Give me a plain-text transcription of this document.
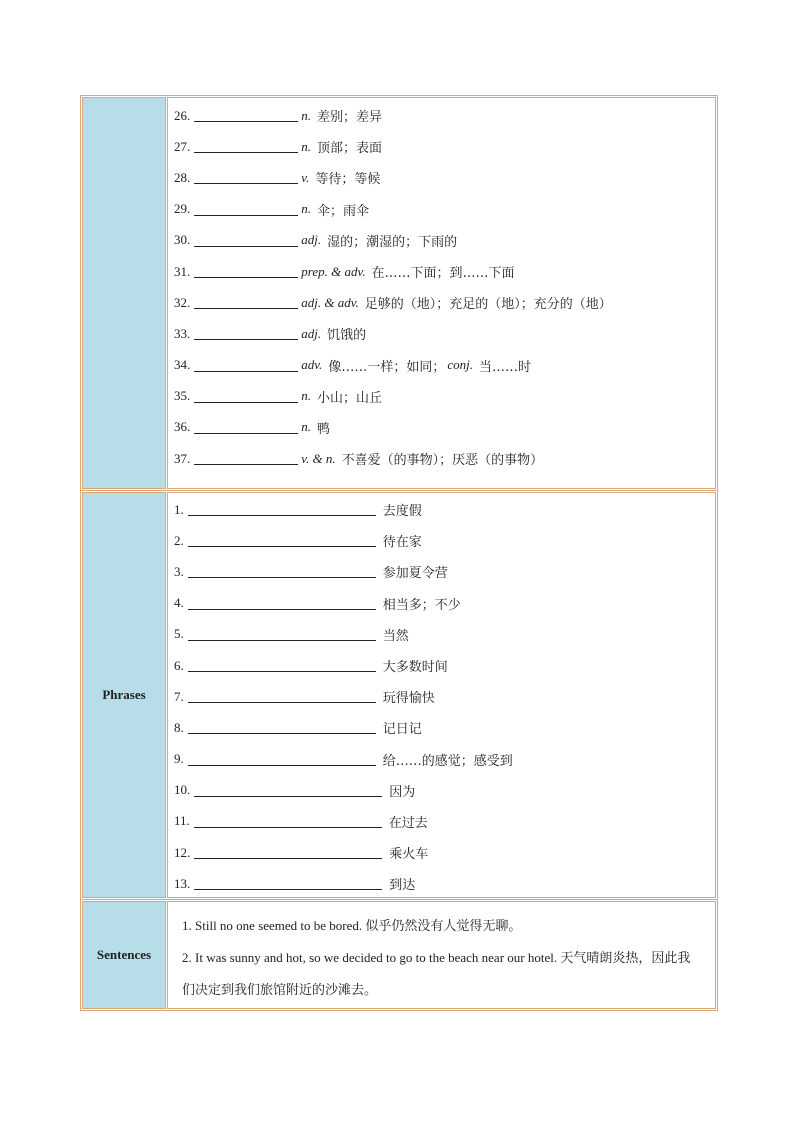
26.	n. 差别；差异
27.	n. 顶部；表面
28.	v. 等待；等候
29.	n. 伞；雨伞
30.	adj. 湿的；潮湿的；下雨的
31.	prep. & adv. 在……下面；到……下面
32.	adj. & adv. 足够的（地）；充足的（地）；充分的（地）
33.	adj. 饥饿的
34.	adv. 像……一样；如同； conj. 当……时
35.	n. 小山；山丘
36.	n. 鸭
37.	v. & n. 不喜爱（的事物）；厌恶（的事物）
Phrases
1.	去度假
2.	待在家
3.	参加夏令营
4.	相当多；不少
5.	当然
6.	大多数时间
7.	玩得愉快
8.	记日记
9.	给……的感觉；感受到
10.	因为
11.	在过去
12.	乘火车
13.	到达
Sentences

1. Still no one seemed to be bored. 似乎仍然没有人觉得无聊。

2. It was sunny and hot, so we decided to go to the beach near our hotel. 天气晴朗炎热，因此我们决定到我们旅馆附近的沙滩去。
